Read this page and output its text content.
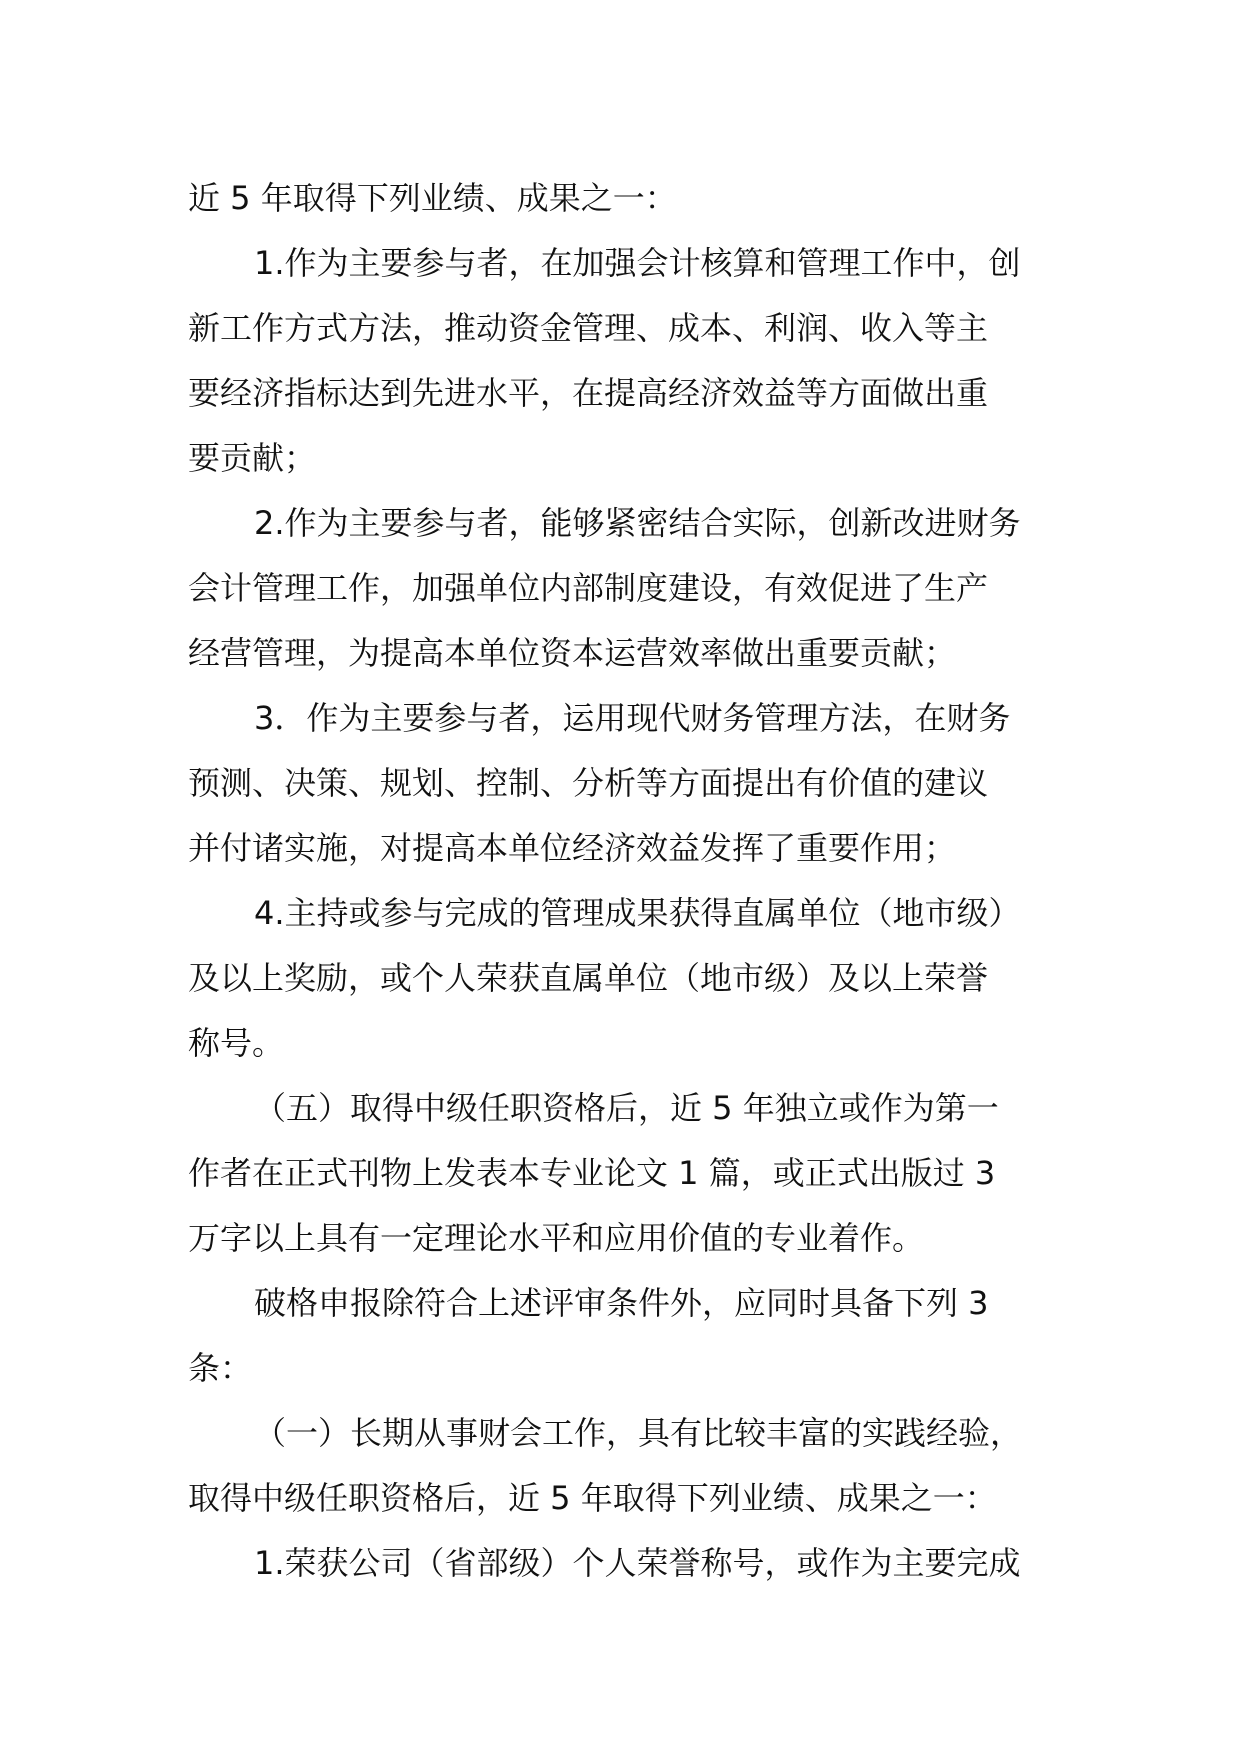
近 5 年取得下列业绩、成果之一：
1.作为主要参与者，在加强会计核算和管理工作中，创
新工作方式方法，推动资金管理、成本、利润、收入等主
要经济指标达到先进水平，在提高经济效益等方面做出重
要贡献；
2.作为主要参与者，能够紧密结合实际，创新改进财务
会计管理工作，加强单位内部制度建设，有效促进了生产
经营管理，为提高本单位资本运营效率做出重要贡献；
3．作为主要参与者，运用现代财务管理方法，在财务
预测、决策、规划、控制、分析等方面提出有价值的建议
并付诸实施，对提高本单位经济效益发挥了重要作用；
4.主持或参与完成的管理成果获得直属单位（地市级）
及以上奖励，或个人荣获直属单位（地市级）及以上荣誉
称号。
（五）取得中级任职资格后，近 5 年独立或作为第一
作者在正式刊物上发表本专业论文 1 篇，或正式出版过 3
万字以上具有一定理论水平和应用价值的专业着作。
破格申报除符合上述评审条件外，应同时具备下列 3
条：
（一）长期从事财会工作，具有比较丰富的实践经验，
取得中级任职资格后，近 5 年取得下列业绩、成果之一：
1.荣获公司（省部级）个人荣誉称号，或作为主要完成
